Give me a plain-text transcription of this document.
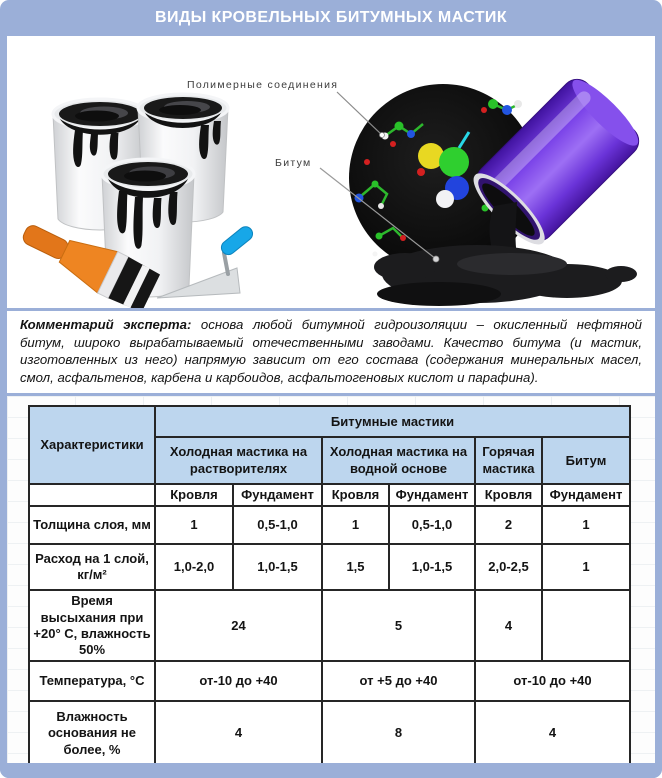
ВИДЫ КРОВЕЛЬНЫХ БИТУМНЫХ МАСТИК
Полимерные соединения
Битум
Комментарий эксперта: основа любой битумной гидроизоляции – окисленный нефтяной битум, широко вырабатываемый отечественными заводами. Качество битума (и мастик, изготовленных из него) напрямую зависит от его состава (содержания минеральных масел, смол, асфальтенов, карбена и карбоидов, асфальтогеновых кислот и парафина).
Характеристики	Битумные мастики					
	Холодная мастика на растворителях		Холодная мастика на водной основе		Горячая мастика	Битум
	Кровля	Фундамент	Кровля	Фундамент	Кровля	Фундамент
Толщина слоя, мм	1	0,5-1,0	1	0,5-1,0	2	1
Расход на 1 слой, кг/м²	1,0-2,0	1,0-1,5	1,5	1,0-1,5	2,0-2,5	1
Время высыхания при +20° С, влажность 50%	24		5		4	
Температура, °С	от-10 до +40		от +5 до +40		от-10 до +40	
Влажность основания не более, %	4		8		4	
